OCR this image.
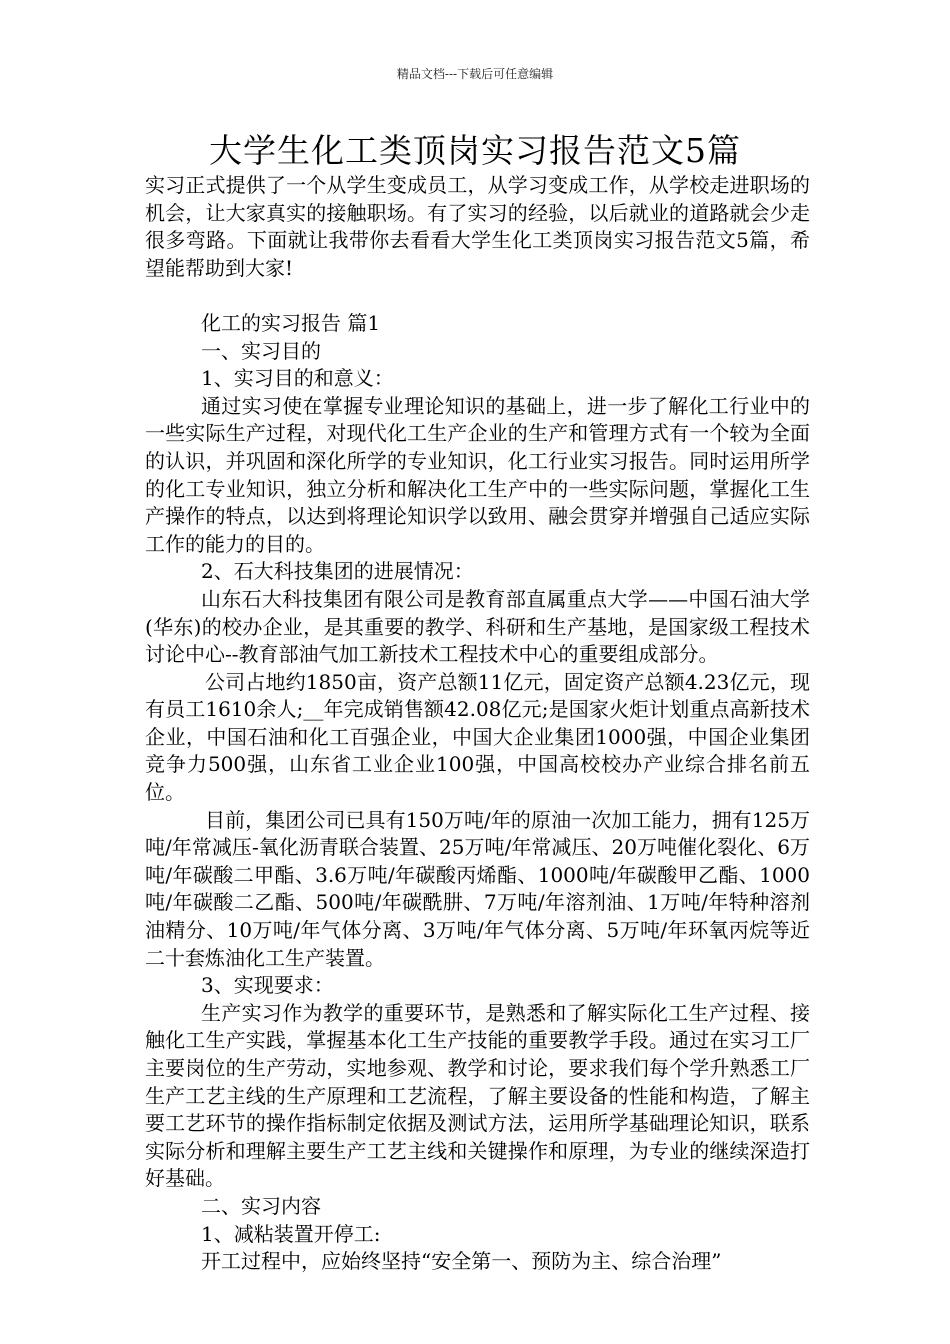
精品文档---下载后可任意编辑
大学生化工类顶岗实习报告范文5篇

实习正式提供了一个从学生变成员工，从学习变成工作，从学校走进职场的机会，让大家真实的接触职场。有了实习的经验，以后就业的道路就会少走很多弯路。下面就让我带你去看看大学生化工类顶岗实习报告范文5篇，希望能帮助到大家!

化工的实习报告 篇1

一、实习目的

1、实习目的和意义：

通过实习使在掌握专业理论知识的基础上，进一步了解化工行业中的一些实际生产过程，对现代化工生产企业的生产和管理方式有一个较为全面的认识，并巩固和深化所学的专业知识，化工行业实习报告。同时运用所学的化工专业知识，独立分析和解决化工生产中的一些实际问题，掌握化工生产操作的特点，以达到将理论知识学以致用、融会贯穿并增强自己适应实际工作的能力的目的。

2、石大科技集团的进展情况：

山东石大科技集团有限公司是教育部直属重点大学——中国石油大学(华东)的校办企业，是其重要的教学、科研和生产基地，是国家级工程技术讨论中心--教育部油气加工新技术工程技术中心的重要组成部分。

公司占地约1850亩，资产总额11亿元，固定资产总额4.23亿元，现有员工1610余人;__年完成销售额42.08亿元;是国家火炬计划重点高新技术企业，中国石油和化工百强企业，中国大企业集团1000强，中国企业集团竞争力500强，山东省工业企业100强，中国高校校办产业综合排名前五位。

目前，集团公司已具有150万吨/年的原油一次加工能力，拥有125万吨/年常减压-氧化沥青联合装置、25万吨/年常减压、20万吨催化裂化、6万吨/年碳酸二甲酯、3.6万吨/年碳酸丙烯酯、1000吨/年碳酸甲乙酯、1000吨/年碳酸二乙酯、500吨/年碳酰肼、7万吨/年溶剂油、1万吨/年特种溶剂油精分、10万吨/年气体分离、3万吨/年气体分离、5万吨/年环氧丙烷等近二十套炼油化工生产装置。

3、实现要求：

生产实习作为教学的重要环节，是熟悉和了解实际化工生产过程、接触化工生产实践，掌握基本化工生产技能的重要教学手段。通过在实习工厂主要岗位的生产劳动，实地参观、教学和讨论，要求我们每个学升熟悉工厂生产工艺主线的生产原理和工艺流程，了解主要设备的性能和构造，了解主要工艺环节的操作指标制定依据及测试方法，运用所学基础理论知识，联系实际分析和理解主要生产工艺主线和关键操作和原理，为专业的继续深造打好基础。

二、实习内容

1、减粘装置开停工:

开工过程中，应始终坚持“安全第一、预防为主、综合治理”
